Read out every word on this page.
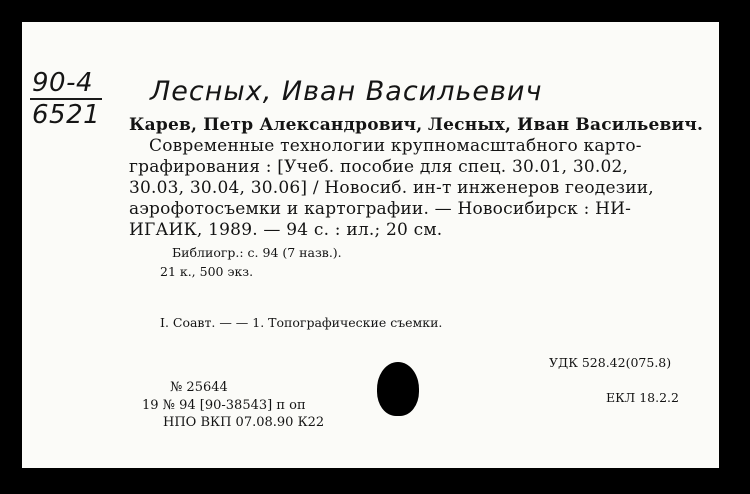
90-4
6521
Лесных, Иван Васильевич
Карев, Петр Александрович, Лесных, Иван Васильевич.
Современные технологии крупномасштабного карто-
графирования : [Учеб. пособие для спец. 30.01, 30.02,
30.03, 30.04, 30.06] / Новосиб. ин-т инженеров геодезии,
аэрофотосъемки и картографии. — Новосибирск : НИ-
ИГАИК, 1989. — 94 с. : ил.; 20 см.
Библиогр.: с. 94 (7 назв.).
21 к., 500 экз.
I. Соавт. — — 1. Топографические съемки.
УДК 528.42(075.8)
ЕКЛ 18.2.2
№ 25644
19 № 94 [90-38543] п оп
НПО ВКП 07.08.90 К22
